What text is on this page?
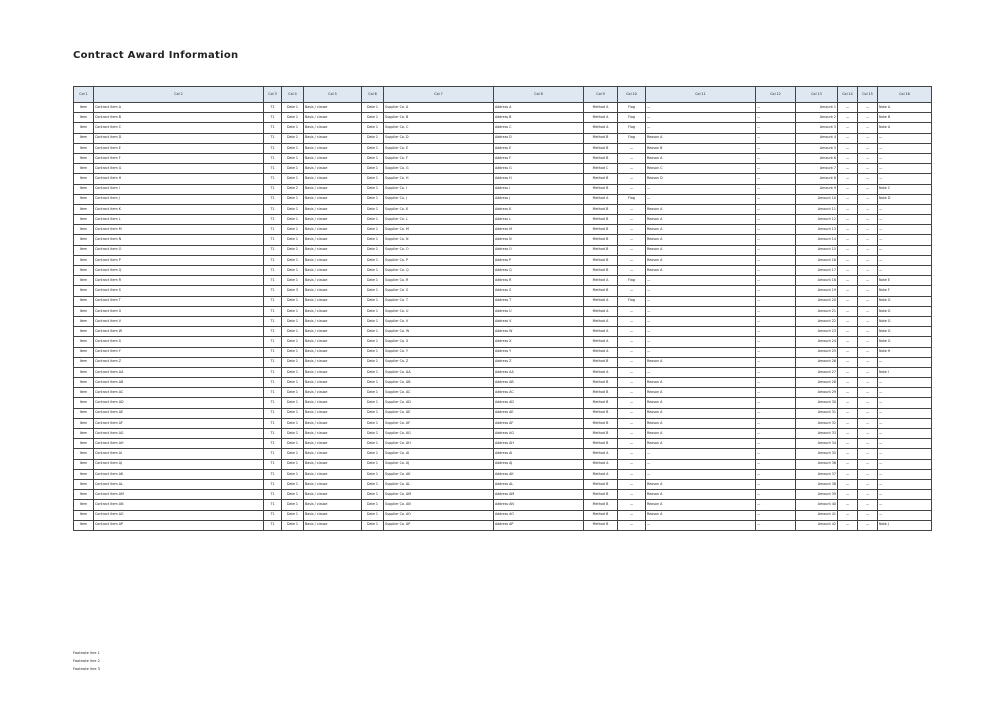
Contract Award Information
Col 1	Col 2	Col 3	Col 4	Col 5	Col 6	Col 7	Col 8	Col 9	Col 10	Col 11	Col 12	Col 13	Col 14	Col 15	Col 16
Item	Contract item A	T1	Date 1	Basis / clause	Date 1	Supplier Co. A	Address A	Method A	Flag	—	—	Amount 1	—	—	Note A
Item	Contract item B	T1	Date 1	Basis / clause	Date 1	Supplier Co. B	Address B	Method A	Flag	—	—	Amount 2	—	—	Note B
Item	Contract item C	T1	Date 1	Basis / clause	Date 1	Supplier Co. C	Address C	Method A	Flag	—	—	Amount 3	—	—	Note A
Item	Contract item D	T1	Date 1	Basis / clause	Date 1	Supplier Co. D	Address D	Method B	Flag	Reason A	—	Amount 4	—	—	—
Item	Contract item E	T1	Date 1	Basis / clause	Date 1	Supplier Co. E	Address E	Method B	—	Reason B	—	Amount 5	—	—	—
Item	Contract item F	T1	Date 1	Basis / clause	Date 1	Supplier Co. F	Address F	Method B	—	Reason A	—	Amount 6	—	—	—
Item	Contract item G	T1	Date 1	Basis / clause	Date 1	Supplier Co. G	Address G	Method C	—	Reason C	—	Amount 7	—	—	—
Item	Contract item H	T1	Date 1	Basis / clause	Date 1	Supplier Co. H	Address H	Method B	—	Reason D	—	Amount 8	—	—	—
Item	Contract item I	T1	Date 2	Basis / clause	Date 1	Supplier Co. I	Address I	Method B	—	—	—	Amount 9	—	—	Note C
Item	Contract item J	T1	Date 1	Basis / clause	Date 1	Supplier Co. J	Address J	Method A	Flag	—	—	Amount 10	—	—	Note D
Item	Contract item K	T1	Date 1	Basis / clause	Date 1	Supplier Co. K	Address K	Method B	—	Reason A	—	Amount 11	—	—	—
Item	Contract item L	T1	Date 1	Basis / clause	Date 1	Supplier Co. L	Address L	Method B	—	Reason A	—	Amount 12	—	—	—
Item	Contract item M	T1	Date 1	Basis / clause	Date 1	Supplier Co. M	Address M	Method B	—	Reason A	—	Amount 13	—	—	—
Item	Contract item N	T1	Date 1	Basis / clause	Date 1	Supplier Co. N	Address N	Method B	—	Reason A	—	Amount 14	—	—	—
Item	Contract item O	T1	Date 1	Basis / clause	Date 1	Supplier Co. O	Address O	Method B	—	Reason A	—	Amount 15	—	—	—
Item	Contract item P	T1	Date 1	Basis / clause	Date 1	Supplier Co. P	Address P	Method B	—	Reason A	—	Amount 16	—	—	—
Item	Contract item Q	T1	Date 1	Basis / clause	Date 1	Supplier Co. Q	Address Q	Method B	—	Reason A	—	Amount 17	—	—	—
Item	Contract item R	T1	Date 1	Basis / clause	Date 1	Supplier Co. R	Address R	Method A	Flag	—	—	Amount 18	—	—	Note E
Item	Contract item S	T1	Date 3	Basis / clause	Date 1	Supplier Co. S	Address S	Method B	—	—	—	Amount 19	—	—	Note F
Item	Contract item T	T1	Date 1	Basis / clause	Date 1	Supplier Co. T	Address T	Method A	Flag	—	—	Amount 20	—	—	Note G
Item	Contract item U	T1	Date 1	Basis / clause	Date 1	Supplier Co. U	Address U	Method A	—	—	—	Amount 21	—	—	Note G
Item	Contract item V	T1	Date 1	Basis / clause	Date 1	Supplier Co. V	Address V	Method A	—	—	—	Amount 22	—	—	Note G
Item	Contract item W	T1	Date 1	Basis / clause	Date 1	Supplier Co. W	Address W	Method A	—	—	—	Amount 23	—	—	Note G
Item	Contract item X	T1	Date 1	Basis / clause	Date 1	Supplier Co. X	Address X	Method A	—	—	—	Amount 24	—	—	Note G
Item	Contract item Y	T1	Date 1	Basis / clause	Date 1	Supplier Co. Y	Address Y	Method A	—	—	—	Amount 25	—	—	Note H
Item	Contract item Z	T1	Date 1	Basis / clause	Date 1	Supplier Co. Z	Address Z	Method B	—	Reason A	—	Amount 26	—	—	—
Item	Contract item AA	T1	Date 1	Basis / clause	Date 1	Supplier Co. AA	Address AA	Method A	—	—	—	Amount 27	—	—	Note I
Item	Contract item AB	T1	Date 1	Basis / clause	Date 1	Supplier Co. AB	Address AB	Method B	—	Reason A	—	Amount 28	—	—	—
Item	Contract item AC	T1	Date 1	Basis / clause	Date 1	Supplier Co. AC	Address AC	Method B	—	Reason A	—	Amount 29	—	—	—
Item	Contract item AD	T1	Date 1	Basis / clause	Date 1	Supplier Co. AD	Address AD	Method B	—	Reason A	—	Amount 30	—	—	—
Item	Contract item AE	T1	Date 1	Basis / clause	Date 1	Supplier Co. AE	Address AE	Method B	—	Reason A	—	Amount 31	—	—	—
Item	Contract item AF	T1	Date 1	Basis / clause	Date 1	Supplier Co. AF	Address AF	Method B	—	Reason A	—	Amount 32	—	—	—
Item	Contract item AG	T1	Date 1	Basis / clause	Date 1	Supplier Co. AG	Address AG	Method B	—	Reason A	—	Amount 33	—	—	—
Item	Contract item AH	T1	Date 1	Basis / clause	Date 1	Supplier Co. AH	Address AH	Method B	—	Reason A	—	Amount 34	—	—	—
Item	Contract item AI	T1	Date 1	Basis / clause	Date 1	Supplier Co. AI	Address AI	Method A	—	—	—	Amount 35	—	—	—
Item	Contract item AJ	T1	Date 1	Basis / clause	Date 1	Supplier Co. AJ	Address AJ	Method A	—	—	—	Amount 36	—	—	—
Item	Contract item AK	T1	Date 1	Basis / clause	Date 1	Supplier Co. AK	Address AK	Method A	—	—	—	Amount 37	—	—	—
Item	Contract item AL	T1	Date 1	Basis / clause	Date 1	Supplier Co. AL	Address AL	Method B	—	Reason A	—	Amount 38	—	—	—
Item	Contract item AM	T1	Date 1	Basis / clause	Date 1	Supplier Co. AM	Address AM	Method B	—	Reason A	—	Amount 39	—	—	—
Item	Contract item AN	T1	Date 1	Basis / clause	Date 1	Supplier Co. AN	Address AN	Method B	—	Reason A	—	Amount 40	—	—	—
Item	Contract item AO	T1	Date 1	Basis / clause	Date 1	Supplier Co. AO	Address AO	Method B	—	Reason A	—	Amount 41	—	—	—
Item	Contract item AP	T1	Date 1	Basis / clause	Date 1	Supplier Co. AP	Address AP	Method B	—	—	—	Amount 42	—	—	Note J
Footnote line 1
Footnote line 2
Footnote line 3
